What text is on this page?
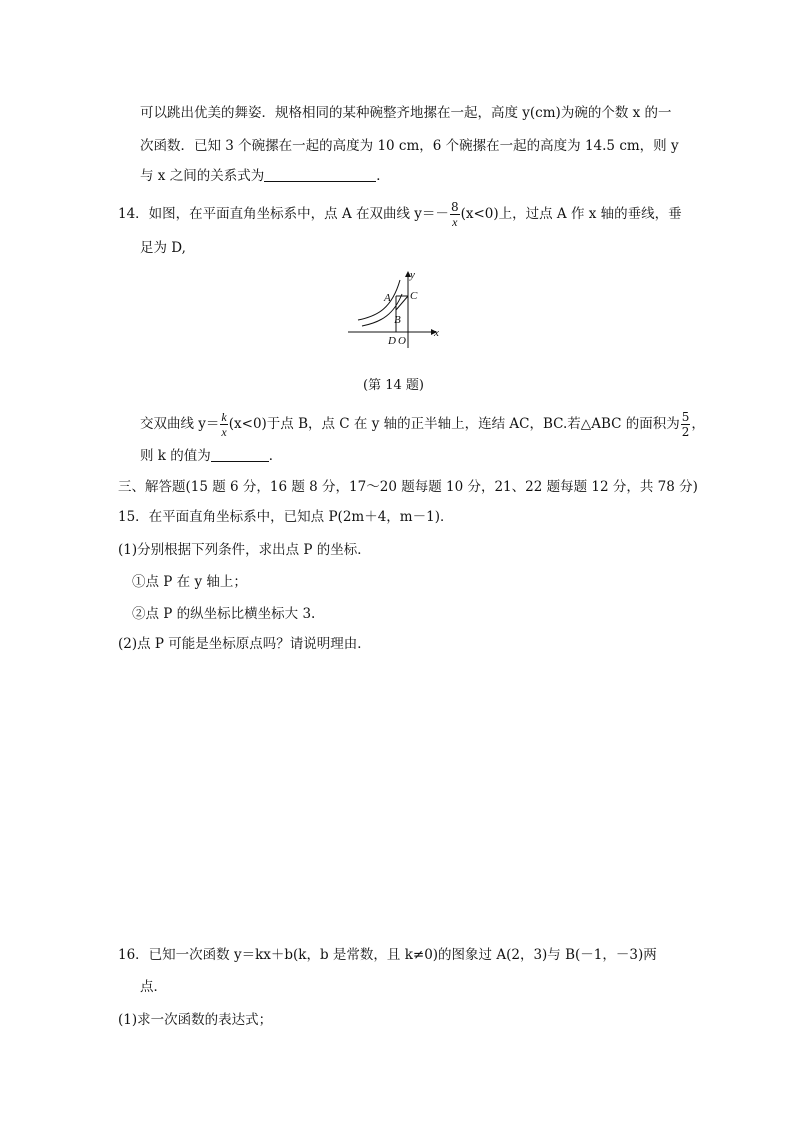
可以跳出优美的舞姿．规格相同的某种碗整齐地摞在一起，高度 y(cm)为碗的个数 x 的一
次函数．已知 3 个碗摞在一起的高度为 10 cm，6 个碗摞在一起的高度为 14.5 cm，则 y
与 x 之间的关系式为	．
14．如图，在平面直角坐标系中，点 A 在双曲线 $y=- \frac{8}{x} (x<0)$上，过点 A 作 x 轴的垂线，垂
足为 D,
y
x
A
B
C
D O
(第 14 题)
交双曲线 $y= \frac{k}{x} (x<0)$于点 B，点 C 在 y 轴的正半轴上，连结 AC，BC.若△ABC 的面积为 $\frac{5}{2}$ ，
则 k 的值为	．
三、解答题(15 题 6 分，16 题 8 分，17～20 题每题 10 分，21、22 题每题 12 分，共 78 分)
15．在平面直角坐标系中，已知点 P(2m＋4，m－1)．
(1)分别根据下列条件，求出点 P 的坐标．
①点 P 在 y 轴上；
②点 P 的纵坐标比横坐标大 3.
(2)点 P 可能是坐标原点吗？请说明理由．
16．已知一次函数 y＝kx＋b(k，b 是常数，且 k≠0)的图象过 A(2，3)与 B(－1，－3)两
点．
(1)求一次函数的表达式；
